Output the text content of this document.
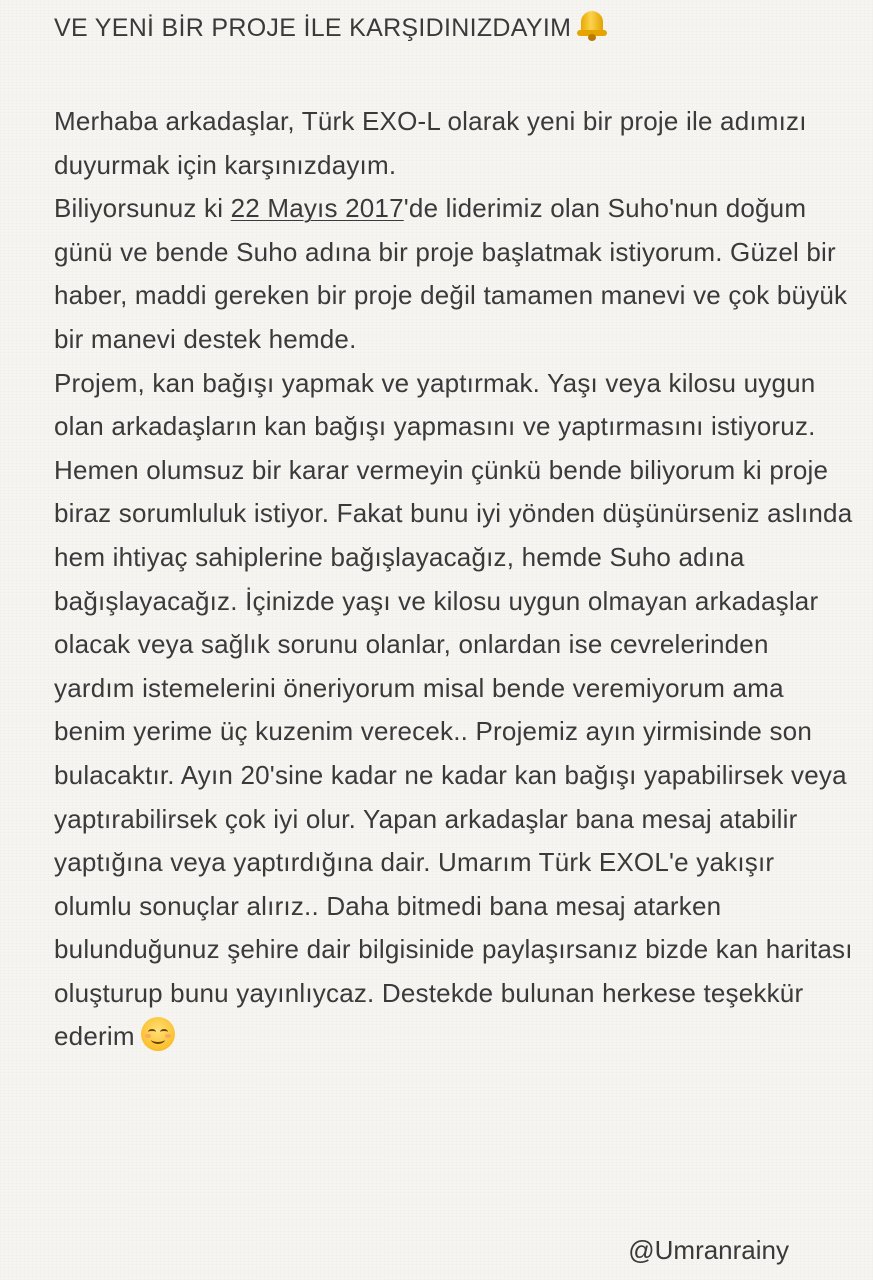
VE YENİ BİR PROJE İLE KARŞIDINIZDAYIM

Merhaba arkadaşlar, Türk EXO-L olarak yeni bir proje ile adımızı duyurmak için karşınızdayım.

Biliyorsunuz ki 22 Mayıs 2017'de liderimiz olan Suho'nun doğum günü ve bende Suho adına bir proje başlatmak istiyorum. Güzel bir haber, maddi gereken bir proje değil tamamen manevi ve çok büyük bir manevi destek hemde.

Projem, kan bağışı yapmak ve yaptırmak. Yaşı veya kilosu uygun olan arkadaşların kan bağışı yapmasını ve yaptırmasını istiyoruz. Hemen olumsuz bir karar vermeyin çünkü bende biliyorum ki proje biraz sorumluluk istiyor. Fakat bunu iyi yönden düşünürseniz aslında hem ihtiyaç sahiplerine bağışlayacağız, hemde Suho adına bağışlayacağız. İçinizde yaşı ve kilosu uygun olmayan arkadaşlar olacak veya sağlık sorunu olanlar, onlardan ise cevrelerinden yardım istemelerini öneriyorum misal bende veremiyorum ama benim yerime üç kuzenim verecek.. Projemiz ayın yirmisinde son bulacaktır. Ayın 20'sine kadar ne kadar kan bağışı yapabilirsek veya yaptırabilirsek çok iyi olur. Yapan arkadaşlar bana mesaj atabilir yaptığına veya yaptırdığına dair. Umarım Türk EXOL'e yakışır olumlu sonuçlar alırız.. Daha bitmedi bana mesaj atarken bulunduğunuz şehire dair bilgisinide paylaşırsanız bizde kan haritası oluşturup bunu yayınlıycaz. Destekde bulunan herkese teşekkür ederim

@Umranrainy
